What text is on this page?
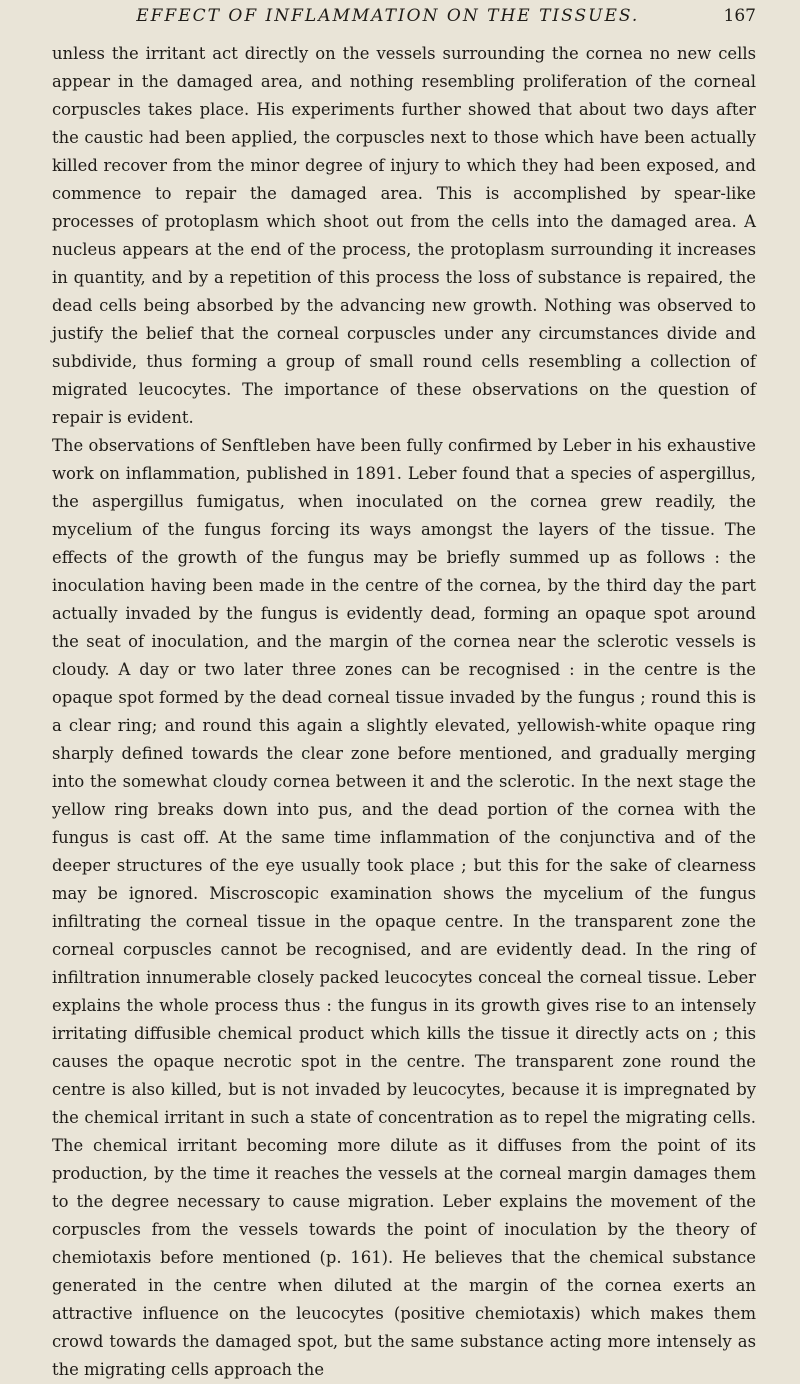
EFFECT OF INFLAMMATION ON THE TISSUES.	167

unless the irritant act directly on the vessels surrounding the cornea no new cells appear in the damaged area, and nothing resembling proliferation of the corneal corpuscles takes place. His experiments further showed that about two days after the caustic had been applied, the corpuscles next to those which have been actually killed recover from the minor degree of injury to which they had been exposed, and commence to repair the damaged area. This is accomplished by spear-like processes of protoplasm which shoot out from the cells into the damaged area. A nucleus appears at the end of the process, the protoplasm surrounding it increases in quantity, and by a repetition of this process the loss of substance is repaired, the dead cells being absorbed by the advancing new growth. Nothing was observed to justify the belief that the corneal corpuscles under any circumstances divide and subdivide, thus forming a group of small round cells resembling a collection of migrated leucocytes. The importance of these observations on the question of repair is evident.

The observations of Senftleben have been fully confirmed by Leber in his exhaustive work on inflammation, published in 1891. Leber found that a species of aspergillus, the aspergillus fumigatus, when inoculated on the cornea grew readily, the mycelium of the fungus forcing its ways amongst the layers of the tissue. The effects of the growth of the fungus may be briefly summed up as follows : the inoculation having been made in the centre of the cornea, by the third day the part actually invaded by the fungus is evidently dead, forming an opaque spot around the seat of inoculation, and the margin of the cornea near the sclerotic vessels is cloudy. A day or two later three zones can be recognised : in the centre is the opaque spot formed by the dead corneal tissue invaded by the fungus ; round this is a clear ring; and round this again a slightly elevated, yellowish-white opaque ring sharply defined towards the clear zone before mentioned, and gradually merging into the somewhat cloudy cornea between it and the sclerotic. In the next stage the yellow ring breaks down into pus, and the dead portion of the cornea with the fungus is cast off. At the same time inflammation of the conjunctiva and of the deeper structures of the eye usually took place ; but this for the sake of clearness may be ignored. Miscroscopic examination shows the mycelium of the fungus infiltrating the corneal tissue in the opaque centre. In the transparent zone the corneal corpuscles cannot be recognised, and are evidently dead. In the ring of infiltration innumerable closely packed leucocytes conceal the corneal tissue. Leber explains the whole process thus : the fungus in its growth gives rise to an intensely irritating diffusible chemical product which kills the tissue it directly acts on ; this causes the opaque necrotic spot in the centre. The transparent zone round the centre is also killed, but is not invaded by leucocytes, because it is impregnated by the chemical irritant in such a state of concentration as to repel the migrating cells. The chemical irritant becoming more dilute as it diffuses from the point of its production, by the time it reaches the vessels at the corneal margin damages them to the degree necessary to cause migration. Leber explains the movement of the corpuscles from the vessels towards the point of inoculation by the theory of chemiotaxis before mentioned (p. 161). He believes that the chemical substance generated in the centre when diluted at the margin of the cornea exerts an attractive influence on the leucocytes (positive chemiotaxis) which makes them crowd towards the damaged spot, but the same substance acting more intensely as the migrating cells approach the
